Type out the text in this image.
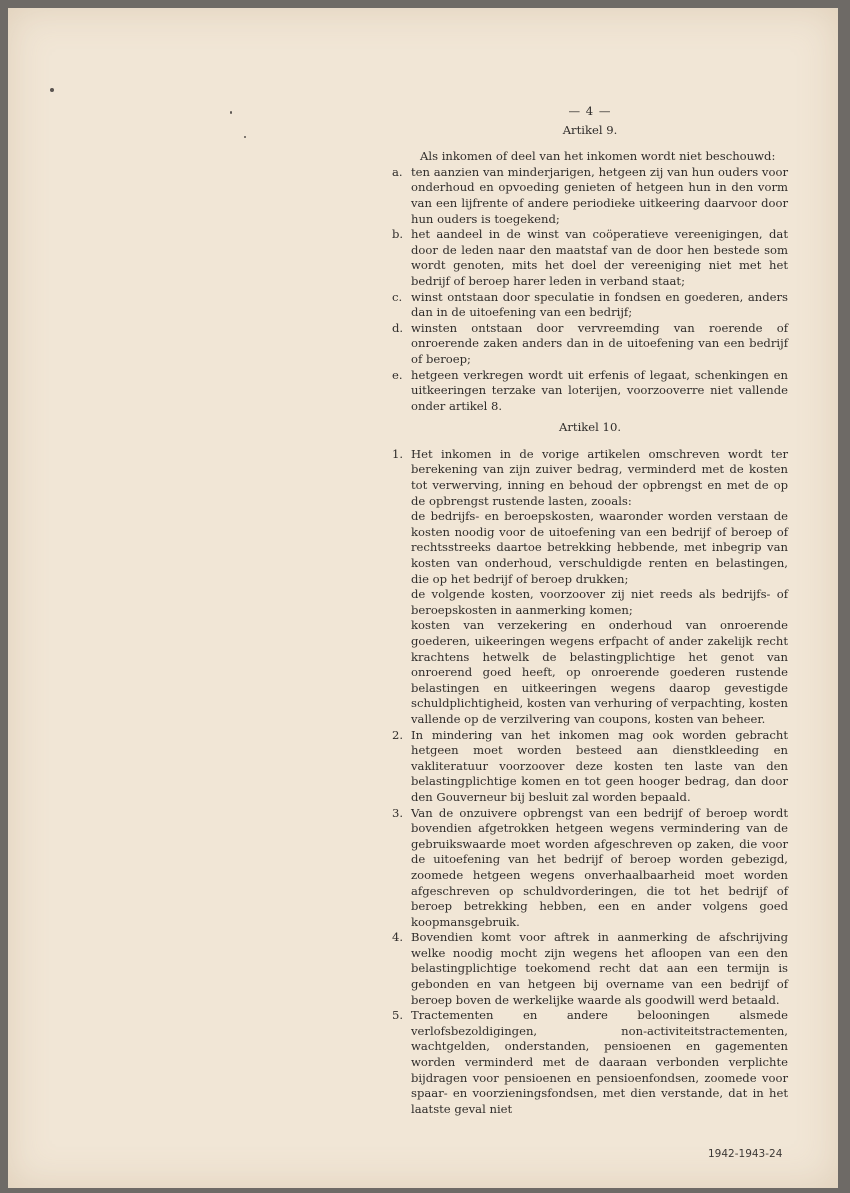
— 4 —

Artikel 9.

Als inkomen of deel van het inkomen wordt niet beschouwd:

a. ten aanzien van minderjarigen, hetgeen zij van hun ouders voor onderhoud en opvoeding genieten of hetgeen hun in den vorm van een lijfrente of andere periodieke uitkeering daarvoor door hun ouders is toegekend;
b. het aandeel in de winst van coöperatieve vereenigingen, dat door de leden naar den maatstaf van de door hen bestede som wordt genoten, mits het doel der vereeniging niet met het bedrijf of beroep harer leden in verband staat;
c. winst ontstaan door speculatie in fondsen en goederen, anders dan in de uitoefening van een bedrijf;
d. winsten ontstaan door vervreemding van roerende of onroerende zaken anders dan in de uitoefening van een bedrijf of beroep;
e. hetgeen verkregen wordt uit erfenis of legaat, schenkingen en uitkeeringen terzake van loterijen, voorzooverre niet vallende onder artikel 8.

Artikel 10.

1. Het inkomen in de vorige artikelen omschreven wordt ter berekening van zijn zuiver bedrag, verminderd met de kosten tot verwerving, inning en behoud der opbrengst en met de op de opbrengst rustende lasten, zooals:

de bedrijfs- en beroepskosten, waaronder worden verstaan de kosten noodig voor de uitoefening van een bedrijf of beroep of rechtsstreeks daartoe betrekking hebbende, met inbegrip van kosten van onderhoud, verschuldigde renten en belastingen, die op het bedrijf of beroep drukken;

de volgende kosten, voorzoover zij niet reeds als bedrijfs- of beroepskosten in aanmerking komen;

kosten van verzekering en onderhoud van onroerende goederen, uikeeringen wegens erfpacht of ander zakelijk recht krachtens hetwelk de belastingplichtige het genot van onroerend goed heeft, op onroerende goederen rustende belastingen en uitkeeringen wegens daarop gevestigde schuldplichtigheid, kosten van verhuring of verpachting, kosten vallende op de verzilvering van coupons, kosten van beheer.

2. In mindering van het inkomen mag ook worden gebracht hetgeen moet worden besteed aan dienstkleeding en vakliteratuur voorzoover deze kosten ten laste van den belastingplichtige komen en tot geen hooger bedrag, dan door den Gouverneur bij besluit zal worden bepaald.
3. Van de onzuivere opbrengst van een bedrijf of beroep wordt bovendien afgetrokken hetgeen wegens vermindering van de gebruikswaarde moet worden afgeschreven op zaken, die voor de uitoefening van het bedrijf of beroep worden gebezigd, zoomede hetgeen wegens onverhaalbaarheid moet worden afgeschreven op schuldvorderingen, die tot het bedrijf of beroep betrekking hebben, een en ander volgens goed koopmansgebruik.
4. Bovendien komt voor aftrek in aanmerking de afschrijving welke noodig mocht zijn wegens het afloopen van een den belastingplichtige toekomend recht dat aan een termijn is gebonden en van hetgeen bij overname van een bedrijf of beroep boven de werkelijke waarde als goodwill werd betaald.
5. Tractementen en andere belooningen alsmede verlofsbezoldigingen, non-activiteitstractementen, wachtgelden, onderstanden, pensioenen en gagementen worden verminderd met de daaraan verbonden verplichte bijdragen voor pensioenen en pensioenfondsen, zoomede voor spaar- en voorzieningsfondsen, met dien verstande, dat in het laatste geval niet
1942-1943-24
